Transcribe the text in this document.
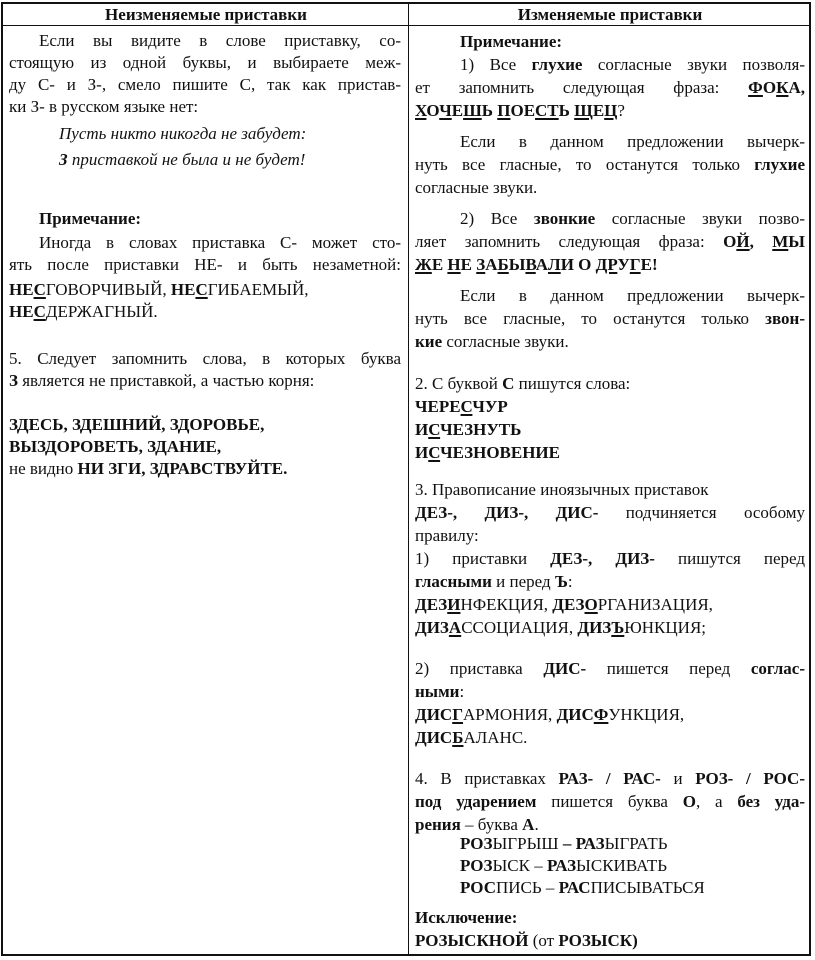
Неизменяемые приставки	Изменяемые приставки
Если вы видите в слове приставку, со-
стоящую из одной буквы, и выбираете меж-
ду С- и З-, смело пишите С, так как пристав-
ки З- в русском языке нет:
Пусть никто никогда не забудет:
З приставкой не была и не будет!
Примечание:
Иногда в словах приставка С- может сто-
ять после приставки НЕ- и быть незаметной:
НЕСГОВОРЧИВЫЙ, НЕСГИБАЕМЫЙ,
НЕСДЕРЖАГНЫЙ.
5. Следует запомнить слова, в которых буква
З является не приставкой, а частью корня:
ЗДЕСЬ, ЗДЕШНИЙ, ЗДОРОВЬЕ,
ВЫЗДОРОВЕТЬ, ЗДАНИЕ,
не видно НИ ЗГИ, ЗДРАВСТВУЙТЕ.
Примечание:
1) Все глухие согласные звуки позволя-
ет запомнить следующая фраза: ФОКА,
ХОЧЕШЬ ПОЕСТЬ ЩЕЦ?
Если в данном предложении вычерк-
нуть все гласные, то останутся только глухие
согласные звуки.
2) Все звонкие согласные звуки позво-
ляет запомнить следующая фраза: ОЙ, МЫ
ЖЕ НЕ ЗАБЫВАЛИ О ДРУГЕ!
Если в данном предложении вычерк-
нуть все гласные, то останутся только звон-
кие согласные звуки.
2. С буквой С пишутся слова:
ЧЕРЕСЧУР
ИСЧЕЗНУТЬ
ИСЧЕЗНОВЕНИЕ
3. Правописание иноязычных приставок
ДЕЗ-, ДИЗ-, ДИС- подчиняется особому
правилу:
1) приставки ДЕЗ-, ДИЗ- пишутся перед
гласными и перед Ъ:
ДЕЗИНФЕКЦИЯ, ДЕЗОРГАНИЗАЦИЯ,
ДИЗАССОЦИАЦИЯ, ДИЗЪЮНКЦИЯ;
2) приставка ДИС- пишется перед соглас-
ными:
ДИСГАРМОНИЯ, ДИСФУНКЦИЯ,
ДИСБАЛАНС.
4. В приставках РАЗ- / РАС- и РОЗ- / РОС-
под ударением пишется буква О, а без уда-
рения – буква А.
РОЗЫГРЫШ – РАЗЫГРАТЬ
РОЗЫСК – РАЗЫСКИВАТЬ
РОСПИСЬ – РАСПИСЫВАТЬСЯ
Исключение:
РОЗЫСКНОЙ (от РОЗЫСК)
